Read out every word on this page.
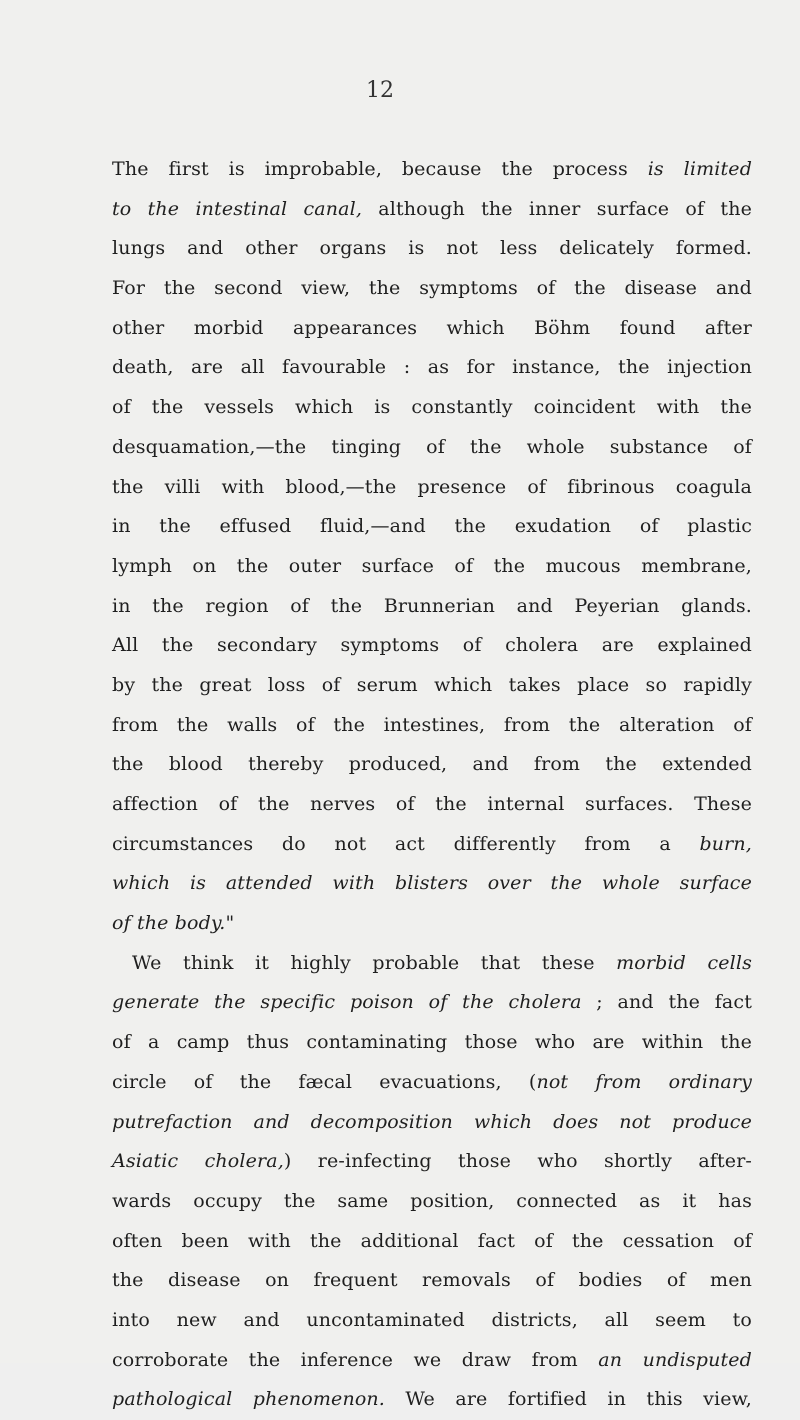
12
The first is improbable, because the process is limited
to the intestinal canal, although the inner surface of the
lungs and other organs is not less delicately formed.
For the second view, the symptoms of the disease and
other morbid appearances which Böhm found after
death, are all favourable : as for instance, the injection
of the vessels which is constantly coincident with the
desquamation,—the tinging of the whole substance of
the villi with blood,—the presence of fibrinous coagula
in the effused fluid,—and the exudation of plastic
lymph on the outer surface of the mucous membrane,
in the region of the Brunnerian and Peyerian glands.
All the secondary symptoms of cholera are explained
by the great loss of serum which takes place so rapidly
from the walls of the intestines, from the alteration of
the blood thereby produced, and from the extended
affection of the nerves of the internal surfaces. These
circumstances do not act differently from a burn,
which is attended with blisters over the whole surface
of the body."
We think it highly probable that these morbid cells
generate the specific poison of the cholera ; and the fact
of a camp thus contaminating those who are within the
circle of the fæcal evacuations, (not from ordinary
putrefaction and decomposition which does not produce
Asiatic cholera,) re-infecting those who shortly after-
wards occupy the same position, connected as it has
often been with the additional fact of the cessation of
the disease on frequent removals of bodies of men
into new and uncontaminated districts, all seem to
corroborate the inference we draw from an undisputed
pathological phenomenon. We are fortified in this view,
